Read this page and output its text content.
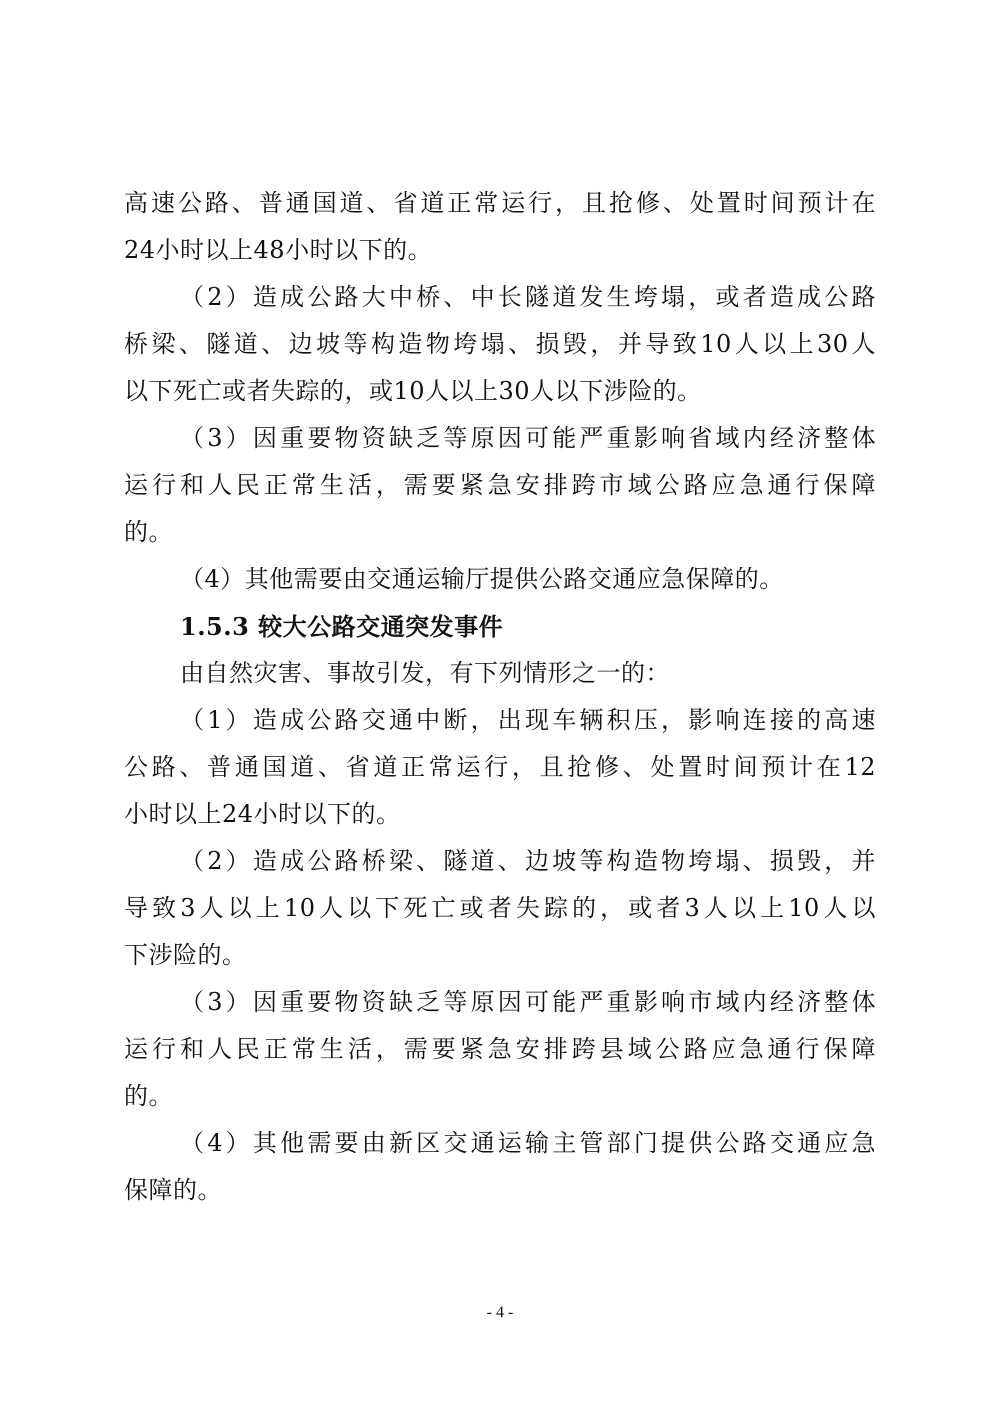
高速公路、普通国道、省道正常运行，且抢修、处置时间预计在
24小时以上48小时以下的。
（2）造成公路大中桥、中长隧道发生垮塌，或者造成公路
桥梁、隧道、边坡等构造物垮塌、损毁，并导致10人以上30人
以下死亡或者失踪的，或10人以上30人以下涉险的。
（3）因重要物资缺乏等原因可能严重影响省域内经济整体
运行和人民正常生活，需要紧急安排跨市域公路应急通行保障
的。
（4）其他需要由交通运输厅提供公路交通应急保障的。
1.5.3 较大公路交通突发事件
由自然灾害、事故引发，有下列情形之一的：
（1）造成公路交通中断，出现车辆积压，影响连接的高速
公路、普通国道、省道正常运行，且抢修、处置时间预计在12
小时以上24小时以下的。
（2）造成公路桥梁、隧道、边坡等构造物垮塌、损毁，并
导致3人以上10人以下死亡或者失踪的，或者3人以上10人以
下涉险的。
（3）因重要物资缺乏等原因可能严重影响市域内经济整体
运行和人民正常生活，需要紧急安排跨县域公路应急通行保障
的。
（4）其他需要由新区交通运输主管部门提供公路交通应急
保障的。
- 4 -
